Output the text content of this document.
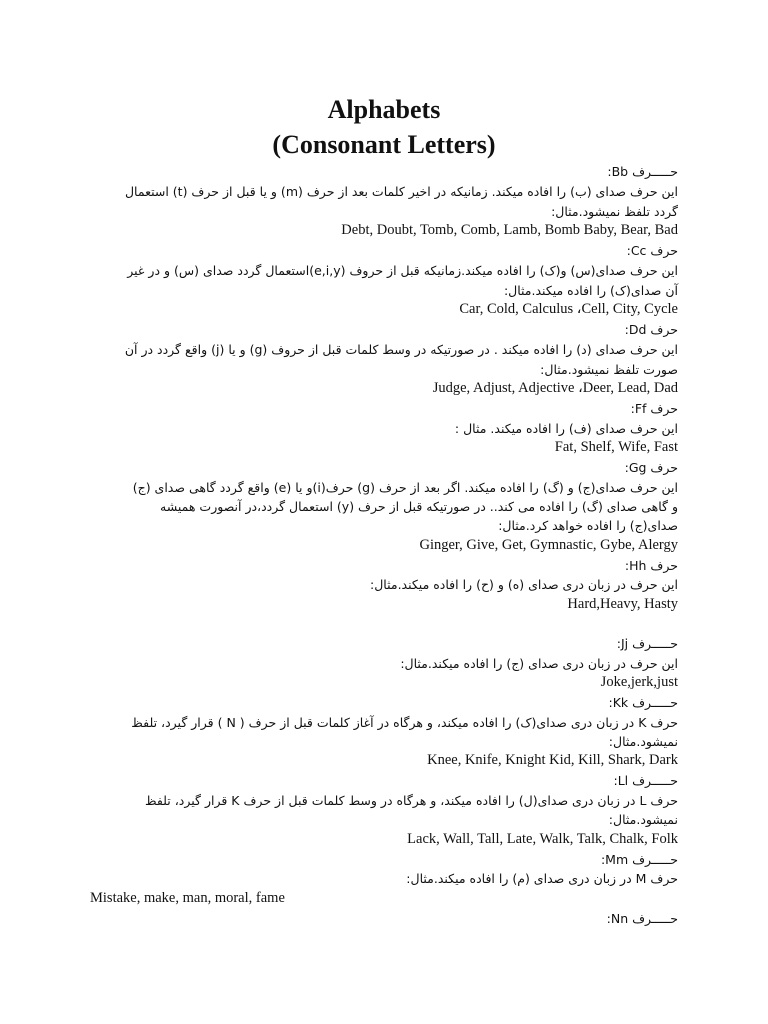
Alphabets
(Consonant Letters)
حـــــرف Bb:
این حرف صدای (ب) را افاده میکند. زمانیکه در اخیر کلمات بعد از حرف (m) و یا قبل از حرف (t) استعمال
گردد تلفظ نمیشود.مثال:
Debt, Doubt, Tomb, Comb, Lamb, Bomb Baby, Bear, Bad
حرف Cc:
این حرف صدای(س) و(ک) را افاده میکند.زمانیکه قبل از حروف (e,i,y)استعمال گردد صدای (س) و در غیر
آن صدای(ک) را افاده میکند.مثال:
Car, Cold, Calculus ،Cell, City, Cycle
حرف Dd:
این حرف صدای (د) را افاده میکند . در صورتیکه در وسط کلمات قبل از حروف (g) و یا (j) واقع گردد در آن
صورت تلفظ نمیشود.مثال:
Judge, Adjust, Adjective ،Deer, Lead, Dad
حرف Ff:
این حرف صدای (ف) را افاده میکند. مثال :
Fat, Shelf, Wife, Fast
حرف Gg:
این حرف صدای(ج) و (گ) را افاده میکند. اگر بعد از حرف (g) حرف(i)و یا (e) واقع گردد گاهی صدای (ج)
و گاهی صدای (گ) را افاده می کند.. در صورتیکه قبل از حرف (y) استعمال گردد،در آنصورت همیشه
صدای(ج) را افاده خواهد کرد.مثال:
Ginger, Give, Get, Gymnastic, Gybe, Alergy
حرف Hh:
این حرف در زبان دری صدای (ه) و (ح) را افاده میکند.مثال:
Hard,Heavy, Hasty
حـــــرف Jj:
این حرف در زبان دری صدای (ج) را افاده میکند.مثال:
Joke,jerk,just
حـــــرف Kk:
حرف K در زبان دری صدای(ک) را افاده میکند، و هرگاه در آغاز کلمات قبل از حرف ( N ) قرار گیرد، تلفظ
نمیشود.مثال:
Knee, Knife, Knight Kid, Kill, Shark, Dark
حـــــرف Ll:
حرف L در زبان دری صدای(ل) را افاده میکند، و هرگاه در وسط کلمات قبل از حرف K قرار گیرد، تلفظ
نمیشود.مثال:
Lack, Wall, Tall, Late, Walk, Talk, Chalk, Folk
حـــــرف Mm:
حرف M در زبان دری صدای (م) را افاده میکند.مثال:
Mistake, make, man, moral, fame
حـــــرف Nn:
